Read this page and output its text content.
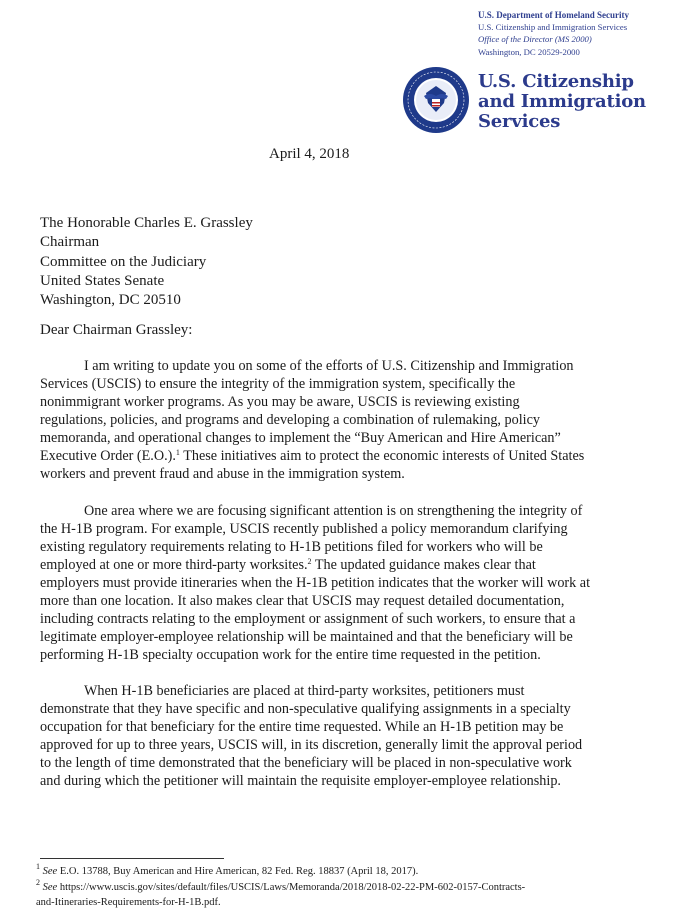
U.S. Department of Homeland Security
U.S. Citizenship and Immigration Services
Office of the Director (MS 2000)
Washington, DC 20529-2000
U.S. Citizenship
and Immigration
Services
April 4, 2018
The Honorable Charles E. Grassley
Chairman
Committee on the Judiciary
United States Senate
Washington, DC 20510
Dear Chairman Grassley:
I am writing to update you on some of the efforts of U.S. Citizenship and Immigration
Services (USCIS) to ensure the integrity of the immigration system, specifically the
nonimmigrant worker programs. As you may be aware, USCIS is reviewing existing
regulations, policies, and programs and developing a combination of rulemaking, policy
memoranda, and operational changes to implement the “Buy American and Hire American”
Executive Order (E.O.).$^1$ These initiatives aim to protect the economic interests of United States
workers and prevent fraud and abuse in the immigration system.
One area where we are focusing significant attention is on strengthening the integrity of
the H-1B program. For example, USCIS recently published a policy memorandum clarifying
existing regulatory requirements relating to H-1B petitions filed for workers who will be
employed at one or more third-party worksites.$^2$ The updated guidance makes clear that
employers must provide itineraries when the H-1B petition indicates that the worker will work at
more than one location. It also makes clear that USCIS may request detailed documentation,
including contracts relating to the employment or assignment of such workers, to ensure that a
legitimate employer-employee relationship will be maintained and that the beneficiary will be
performing H-1B specialty occupation work for the entire time requested in the petition.
When H-1B beneficiaries are placed at third-party worksites, petitioners must
demonstrate that they have specific and non-speculative qualifying assignments in a specialty
occupation for that beneficiary for the entire time requested. While an H-1B petition may be
approved for up to three years, USCIS will, in its discretion, generally limit the approval period
to the length of time demonstrated that the beneficiary will be placed in non-speculative work
and during which the petitioner will maintain the requisite employer-employee relationship.
$^1$ See E.O. 13788, Buy American and Hire American, 82 Fed. Reg. 18837 (April 18, 2017).
$^2$ See https://www.uscis.gov/sites/default/files/USCIS/Laws/Memoranda/2018/2018-02-22-PM-602-0157-Contracts-
and-Itineraries-Requirements-for-H-1B.pdf.
